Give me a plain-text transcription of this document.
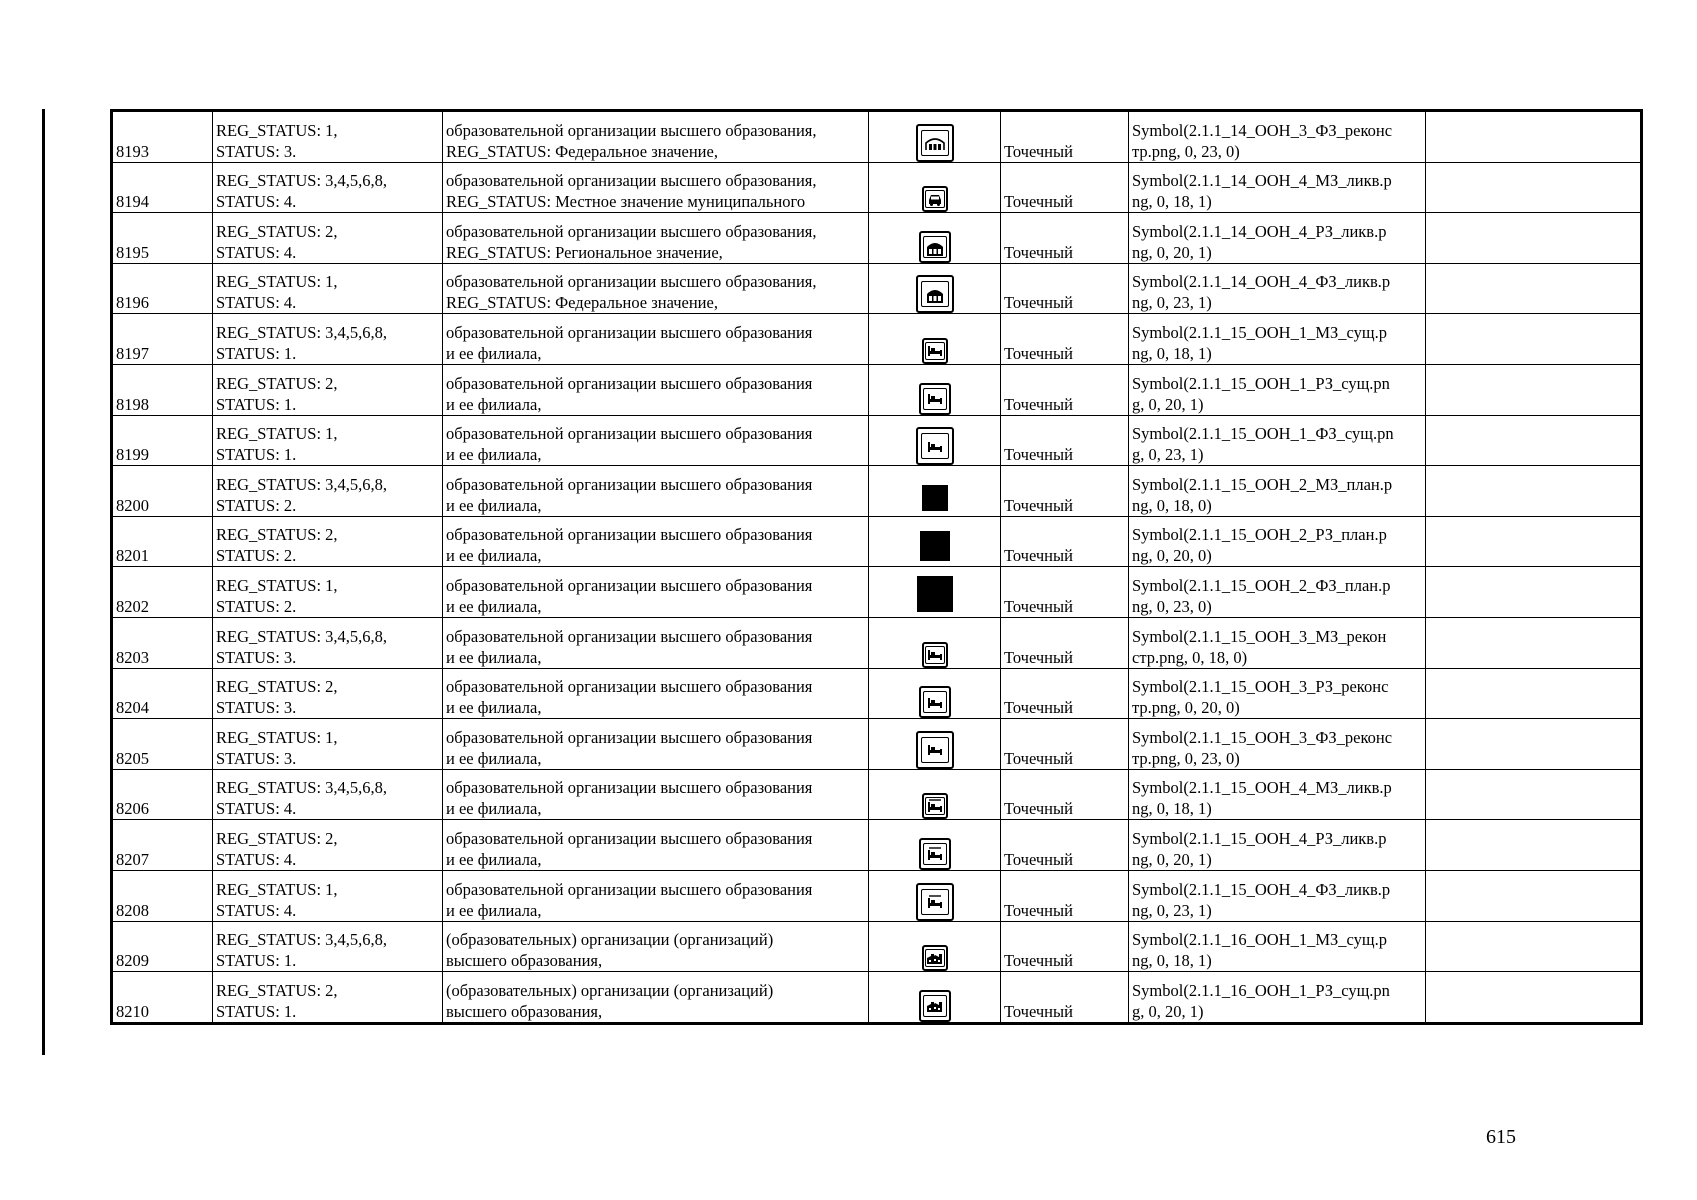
8193	REG_STATUS: 1,
STATUS: 3.	образовательной организации высшего образования,
REG_STATUS: Федеральное значение,		Точечный	Symbol(2.1.1_14_ООН_3_ФЗ_реконс
тр.png, 0, 23, 0)	

8194	REG_STATUS: 3,4,5,6,8,
STATUS: 4.	образовательной организации высшего образования,
REG_STATUS: Местное значение муниципального		Точечный	Symbol(2.1.1_14_ООН_4_МЗ_ликв.p
ng, 0, 18, 1)	

8195	REG_STATUS: 2,
STATUS: 4.	образовательной организации высшего образования,
REG_STATUS: Региональное значение,		Точечный	Symbol(2.1.1_14_ООН_4_РЗ_ликв.p
ng, 0, 20, 1)	

8196	REG_STATUS: 1,
STATUS: 4.	образовательной организации высшего образования,
REG_STATUS: Федеральное значение,		Точечный	Symbol(2.1.1_14_ООН_4_ФЗ_ликв.p
ng, 0, 23, 1)	

8197	REG_STATUS: 3,4,5,6,8,
STATUS: 1.	образовательной организации высшего образования
и ее филиала,		Точечный	Symbol(2.1.1_15_ООН_1_МЗ_сущ.p
ng, 0, 18, 1)	

8198	REG_STATUS: 2,
STATUS: 1.	образовательной организации высшего образования
и ее филиала,		Точечный	Symbol(2.1.1_15_ООН_1_РЗ_сущ.pn
g, 0, 20, 1)	

8199	REG_STATUS: 1,
STATUS: 1.	образовательной организации высшего образования
и ее филиала,		Точечный	Symbol(2.1.1_15_ООН_1_ФЗ_сущ.pn
g, 0, 23, 1)	

8200	REG_STATUS: 3,4,5,6,8,
STATUS: 2.	образовательной организации высшего образования
и ее филиала,		Точечный	Symbol(2.1.1_15_ООН_2_МЗ_план.p
ng, 0, 18, 0)	

8201	REG_STATUS: 2,
STATUS: 2.	образовательной организации высшего образования
и ее филиала,		Точечный	Symbol(2.1.1_15_ООН_2_РЗ_план.p
ng, 0, 20, 0)	

8202	REG_STATUS: 1,
STATUS: 2.	образовательной организации высшего образования
и ее филиала,		Точечный	Symbol(2.1.1_15_ООН_2_ФЗ_план.p
ng, 0, 23, 0)	

8203	REG_STATUS: 3,4,5,6,8,
STATUS: 3.	образовательной организации высшего образования
и ее филиала,		Точечный	Symbol(2.1.1_15_ООН_3_МЗ_рекон
стр.png, 0, 18, 0)	

8204	REG_STATUS: 2,
STATUS: 3.	образовательной организации высшего образования
и ее филиала,		Точечный	Symbol(2.1.1_15_ООН_3_РЗ_реконс
тр.png, 0, 20, 0)	

8205	REG_STATUS: 1,
STATUS: 3.	образовательной организации высшего образования
и ее филиала,		Точечный	Symbol(2.1.1_15_ООН_3_ФЗ_реконс
тр.png, 0, 23, 0)	

8206	REG_STATUS: 3,4,5,6,8,
STATUS: 4.	образовательной организации высшего образования
и ее филиала,		Точечный	Symbol(2.1.1_15_ООН_4_МЗ_ликв.p
ng, 0, 18, 1)	

8207	REG_STATUS: 2,
STATUS: 4.	образовательной организации высшего образования
и ее филиала,		Точечный	Symbol(2.1.1_15_ООН_4_РЗ_ликв.p
ng, 0, 20, 1)	

8208	REG_STATUS: 1,
STATUS: 4.	образовательной организации высшего образования
и ее филиала,		Точечный	Symbol(2.1.1_15_ООН_4_ФЗ_ликв.p
ng, 0, 23, 1)	

8209	REG_STATUS: 3,4,5,6,8,
STATUS: 1.	(образовательных) организации (организаций)
высшего образования,		Точечный	Symbol(2.1.1_16_ООН_1_МЗ_сущ.p
ng, 0, 18, 1)	

8210	REG_STATUS: 2,
STATUS: 1.	(образовательных) организации (организаций)
высшего образования,		Точечный	Symbol(2.1.1_16_ООН_1_РЗ_сущ.pn
g, 0, 20, 1)	

615
